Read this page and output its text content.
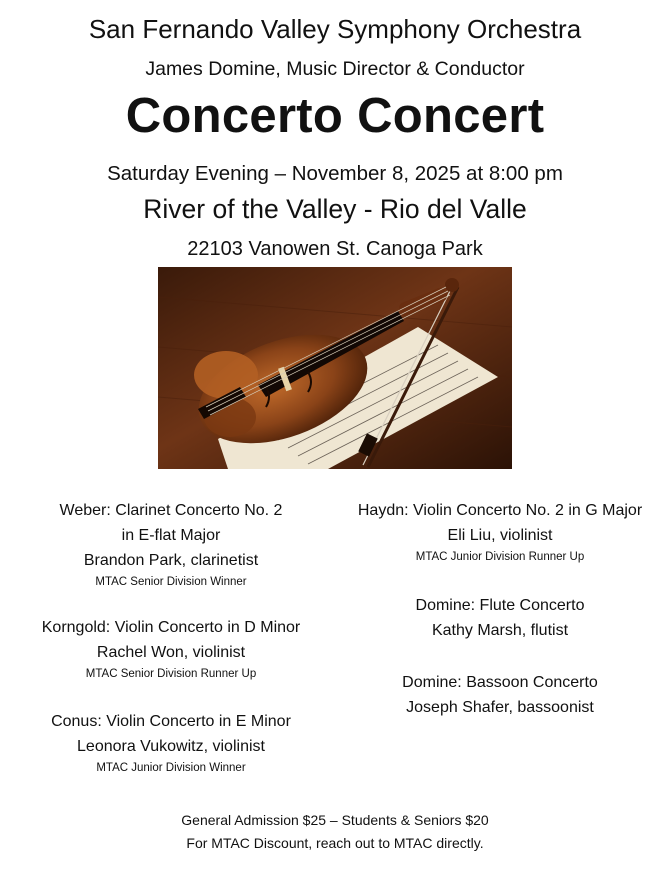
San Fernando Valley Symphony Orchestra
James Domine, Music Director & Conductor
Concerto Concert
Saturday Evening – November 8, 2025 at 8:00 pm
River of the Valley - Rio del Valle
22103 Vanowen St. Canoga Park
Weber: Clarinet Concerto No. 2
in E-flat Major
Brandon Park, clarinetist
MTAC Senior Division Winner
Korngold: Violin Concerto in D Minor
Rachel Won, violinist
MTAC Senior Division Runner Up
Conus: Violin Concerto in E Minor
Leonora Vukowitz, violinist
MTAC Junior Division Winner
Haydn: Violin Concerto No. 2 in G Major
Eli Liu, violinist
MTAC Junior Division Runner Up
Domine: Flute Concerto
Kathy Marsh, flutist
Domine: Bassoon Concerto
Joseph Shafer, bassoonist
General Admission $25 – Students & Seniors $20
For MTAC Discount, reach out to MTAC directly.
